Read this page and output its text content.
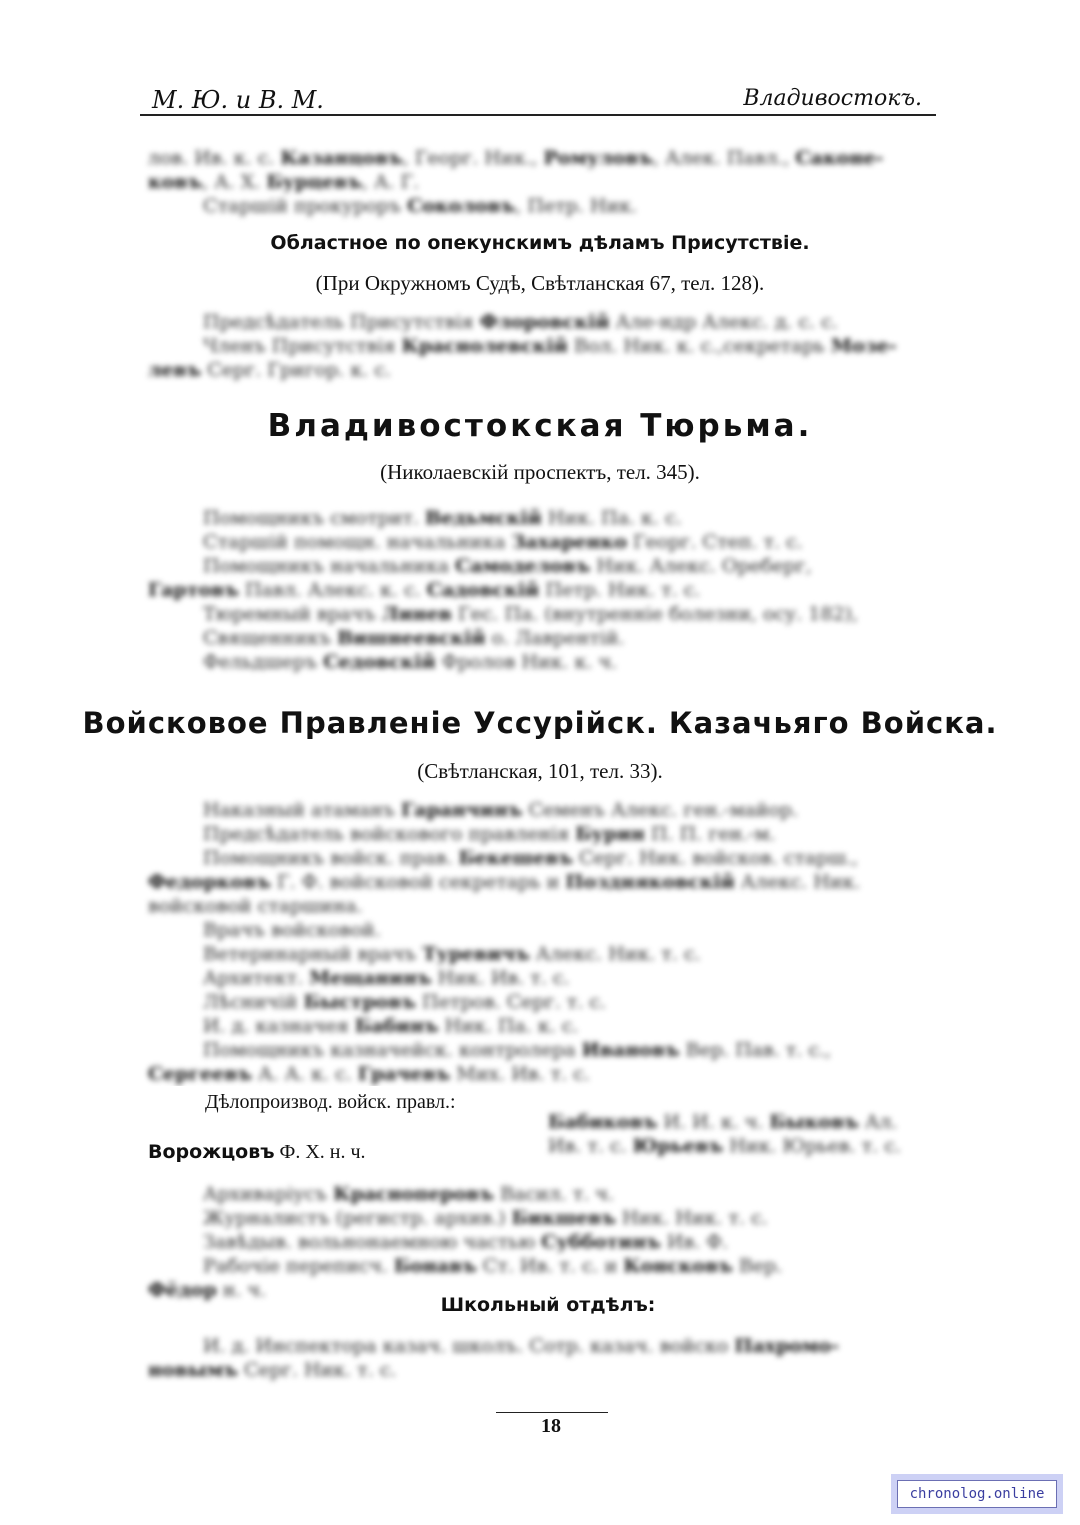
М. Ю. и В. М.	Владивостокъ.

лов. Ив. к. с. Казанцовъ, Георг. Ник., Ромуловъ, Алек. Павл., Саконе-

ковъ, А. Х. Бурцевъ, А. Г.

Старшiй прокуроръ Соколовъ, Петр. Ник.

Областное по опекунскимъ дѣламъ Присутствіе.
(При Окружномъ Судѣ, Свѣтланская 67, тел. 128).

Предсѣдатель Присутствія Флоровскій Але-ндр Алекс. д. с. с.

Членъ Присутствія Краснолевскій Вол. Ник. к. с.,секретарь Мозе-

левъ Серг. Григор. к. с.

Владивостокская Тюрьма.
(Николаевскій проспектъ, тел. 345).

Помощникъ смотрит. Ведьмскій Ник. Па. к. с.

Старшій помощн. начальника Захаренко Георг. Степ. т. с.

Помощникъ начальника Самоделовъ Ник. Алекс. Ореберг,

Гартовъ Павл. Алекс. к. с. Садовскій Петр. Ник. т. с.

Тюремный врачъ Линев Гес. Па. (внутреннiе болезни, осу. 182),

Священникъ Вишнеевскій о. Лаврентій.

Фельдшеръ Седовскій Фролов Ник. к. ч.

Войсковое Правленіе Уссурійск. Казачьяго Войска.
(Свѣтланская, 101, тел. 33).

Наказный атаманъ Гаранчинъ Семенъ Алекс. ген.-майор.

Предсѣдатель войскового правленія Бурин П. П. ген.-м.

Помощникъ войск. прав. Бекешевъ Серг. Ник. войсков. старш.,

Федорковъ Г. Ф. войсковой секретарь и Поздняковскій Алекс. Ник.

войсковой старшина.

Врачъ войсковой.

Ветеринарный врачъ Туревичъ Алекс. Ник. т. с.

Архитект. Мещанинъ Ник. Ив. т. с.

Лѣсничій Быстровъ Петров. Серг. т. с.

И. д. казначея Бабинъ Ник. Па. к. с.

Помощникъ казначейск. контролера Ивановъ Вер. Пав. т. с.,

Сергеевъ А. А. к. с. Грачевъ Мих. Ив. т. с.

Бабиковъ И. И. к. ч. Быковъ Ал.

Ив. т. с. Юрьевъ Ник. Юрьев. т. с.

Архиваріусъ Красноперовъ Васил. т. ч.

Журналистъ (регистр. архив.) Бикшевъ Ник. Ник. т. с.

Завѣдыв. вольнонаемною частью Субботинъ Ив. Ф.

Рабочіе переписч. Бонавъ Ст. Ив. т. с. и Консковъ Вер.

Фёдор н. ч.

Дѣлопроизвод. войск. правл.:
Ворожцовъ Ф. Х. н. ч.
Школьный отдѣлъ:

И. д. Инспектора казач. школъ. Сотр. казач. войско Пахромо-

новымъ Серг. Ник. т. с.

18
chronolog.online
